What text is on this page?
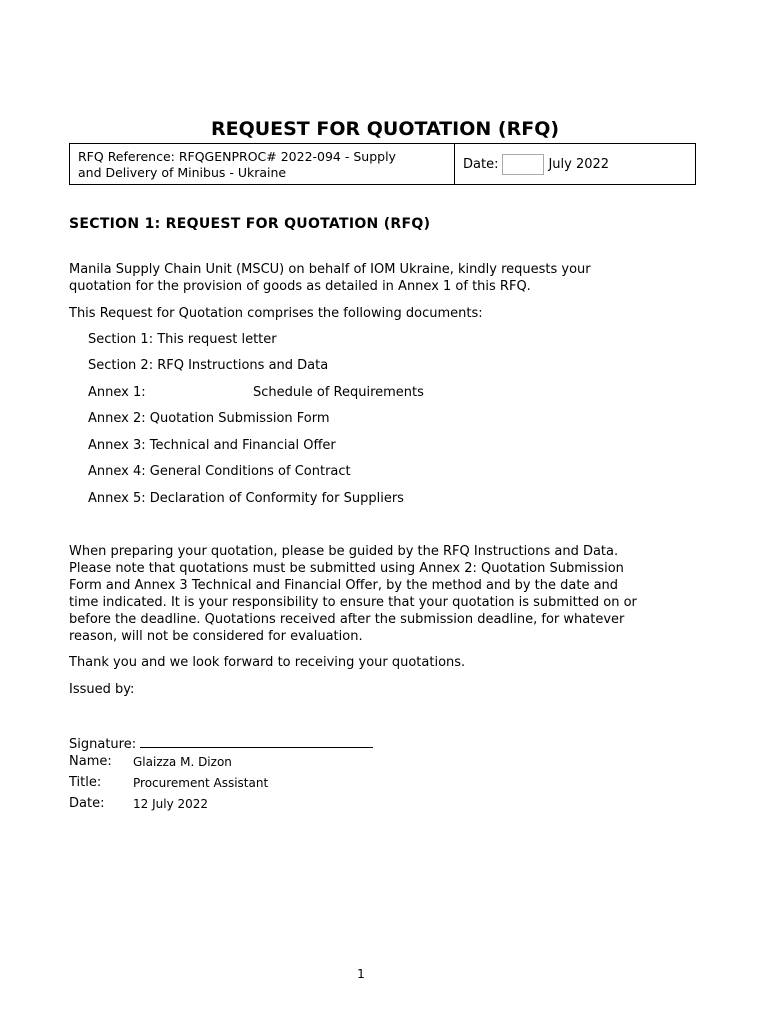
REQUEST FOR QUOTATION (RFQ)
RFQ Reference: RFQGENPROC# 2022-094 - Supply
and Delivery of Minibus - Ukraine
Date:	July 2022
SECTION 1: REQUEST FOR QUOTATION (RFQ)
Manila Supply Chain Unit (MSCU) on behalf of IOM Ukraine, kindly requests your
quotation for the provision of goods as detailed in Annex 1 of this RFQ.
This Request for Quotation comprises the following documents:
Section 1: This request letter
Section 2: RFQ Instructions and Data
Annex 1:	Schedule of Requirements
Annex 2: Quotation Submission Form
Annex 3: Technical and Financial Offer
Annex 4: General Conditions of Contract
Annex 5: Declaration of Conformity for Suppliers
When preparing your quotation, please be guided by the RFQ Instructions and Data.
Please note that quotations must be submitted using Annex 2: Quotation Submission
Form and Annex 3 Technical and Financial Offer, by the method and by the date and
time indicated. It is your responsibility to ensure that your quotation is submitted on or
before the deadline. Quotations received after the submission deadline, for whatever
reason, will not be considered for evaluation.
Thank you and we look forward to receiving your quotations.
Issued by:
Signature:
Name: Glaizza M. Dizon
Title:	Procurement Assistant
Date: 12 July 2022
1
